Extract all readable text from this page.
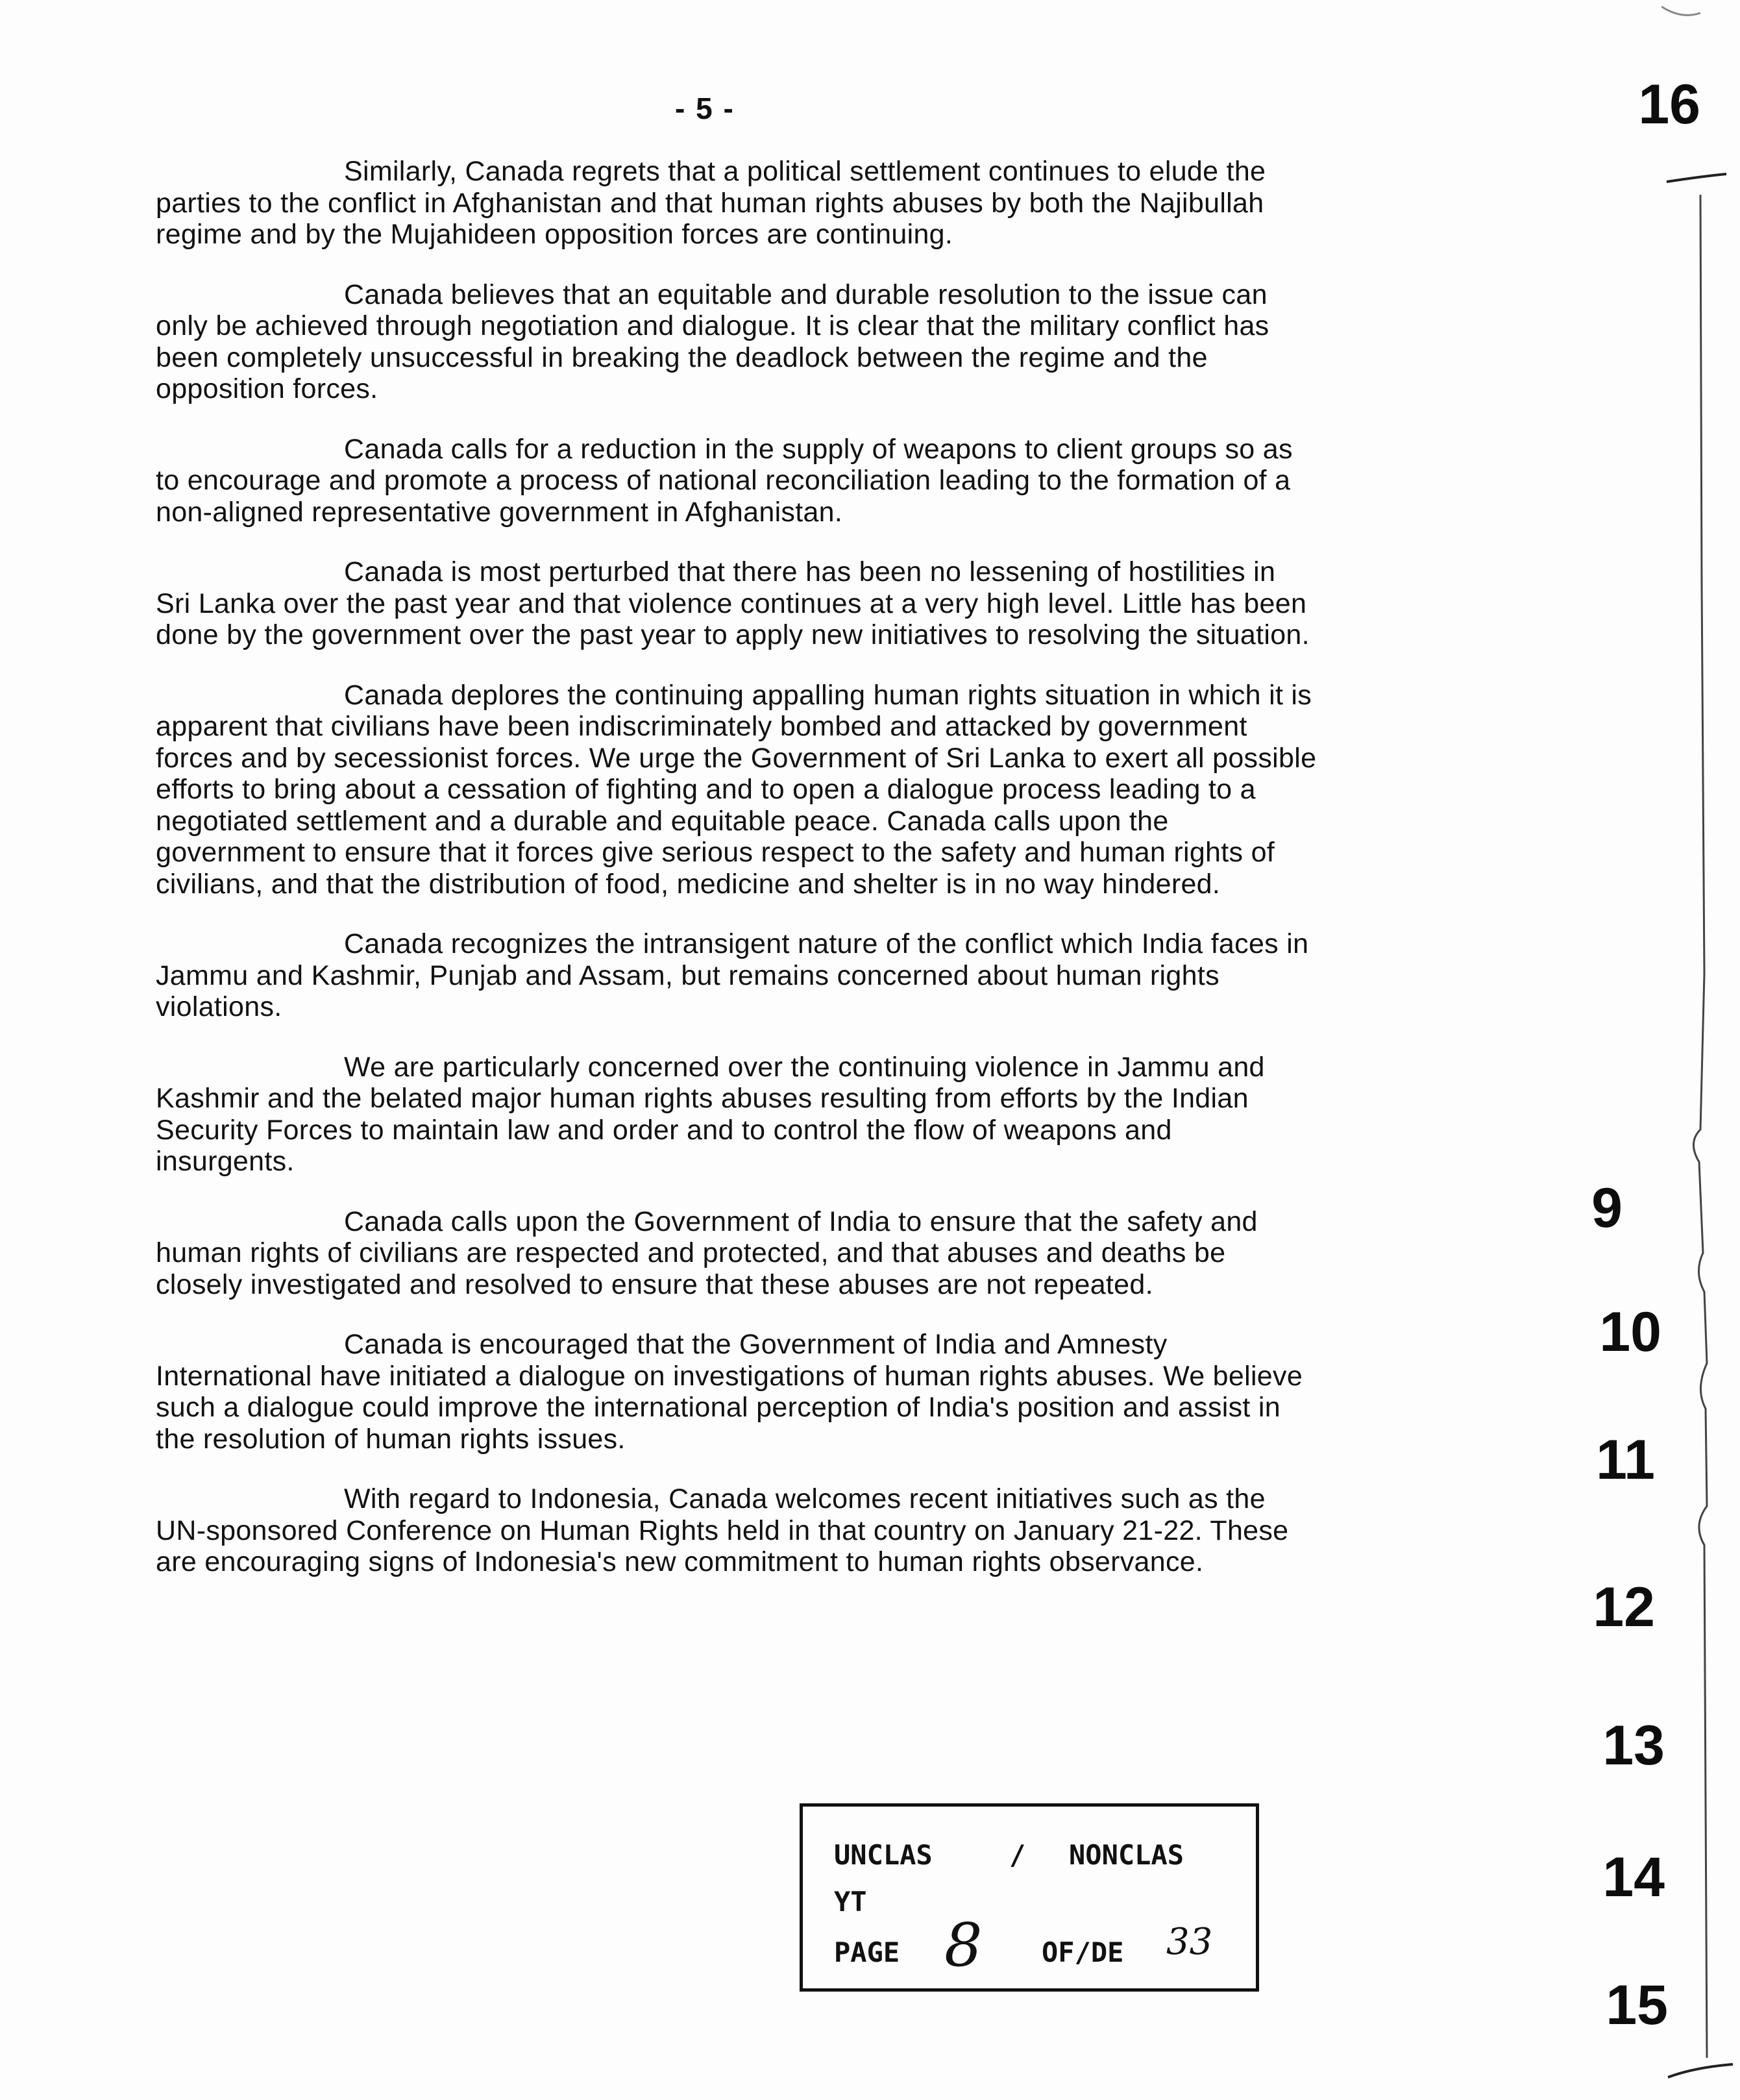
- 5 -

Similarly, Canada regrets that a political settlement continues to elude the parties to the conflict in Afghanistan and that human rights abuses by both the Najibullah regime and by the Mujahideen opposition forces are continuing.

Canada believes that an equitable and durable resolution to the issue can only be achieved through negotiation and dialogue. It is clear that the military conflict has been completely unsuccessful in breaking the deadlock between the regime and the opposition forces.

Canada calls for a reduction in the supply of weapons to client groups so as to encourage and promote a process of national reconciliation leading to the formation of a non-aligned representative government in Afghanistan.

Canada is most perturbed that there has been no lessening of hostilities in Sri Lanka over the past year and that violence continues at a very high level. Little has been done by the government over the past year to apply new initiatives to resolving the situation.

Canada deplores the continuing appalling human rights situation in which it is apparent that civilians have been indiscriminately bombed and attacked by government forces and by secessionist forces. We urge the Government of Sri Lanka to exert all possible efforts to bring about a cessation of fighting and to open a dialogue process leading to a negotiated settlement and a durable and equitable peace. Canada calls upon the government to ensure that it forces give serious respect to the safety and human rights of civilians, and that the distribution of food, medicine and shelter is in no way hindered.

Canada recognizes the intransigent nature of the conflict which India faces in Jammu and Kashmir, Punjab and Assam, but remains concerned about human rights violations.

We are particularly concerned over the continuing violence in Jammu and Kashmir and the belated major human rights abuses resulting from efforts by the Indian Security Forces to maintain law and order and to control the flow of weapons and insurgents.

Canada calls upon the Government of India to ensure that the safety and human rights of civilians are respected and protected, and that abuses and deaths be closely investigated and resolved to ensure that these abuses are not repeated.

Canada is encouraged that the Government of India and Amnesty International have initiated a dialogue on investigations of human rights abuses. We believe such a dialogue could improve the international perception of India's position and assist in the resolution of human rights issues.

With regard to Indonesia, Canada welcomes recent initiatives such as the UN-sponsored Conference on Human Rights held in that country on January 21-22. These are encouraging signs of Indonesia's new commitment to human rights observance.

16
9
10
11
12
13
14
15
UNCLAS	/ NONCLAS
YT
PAGE 8 OF/DE 33
